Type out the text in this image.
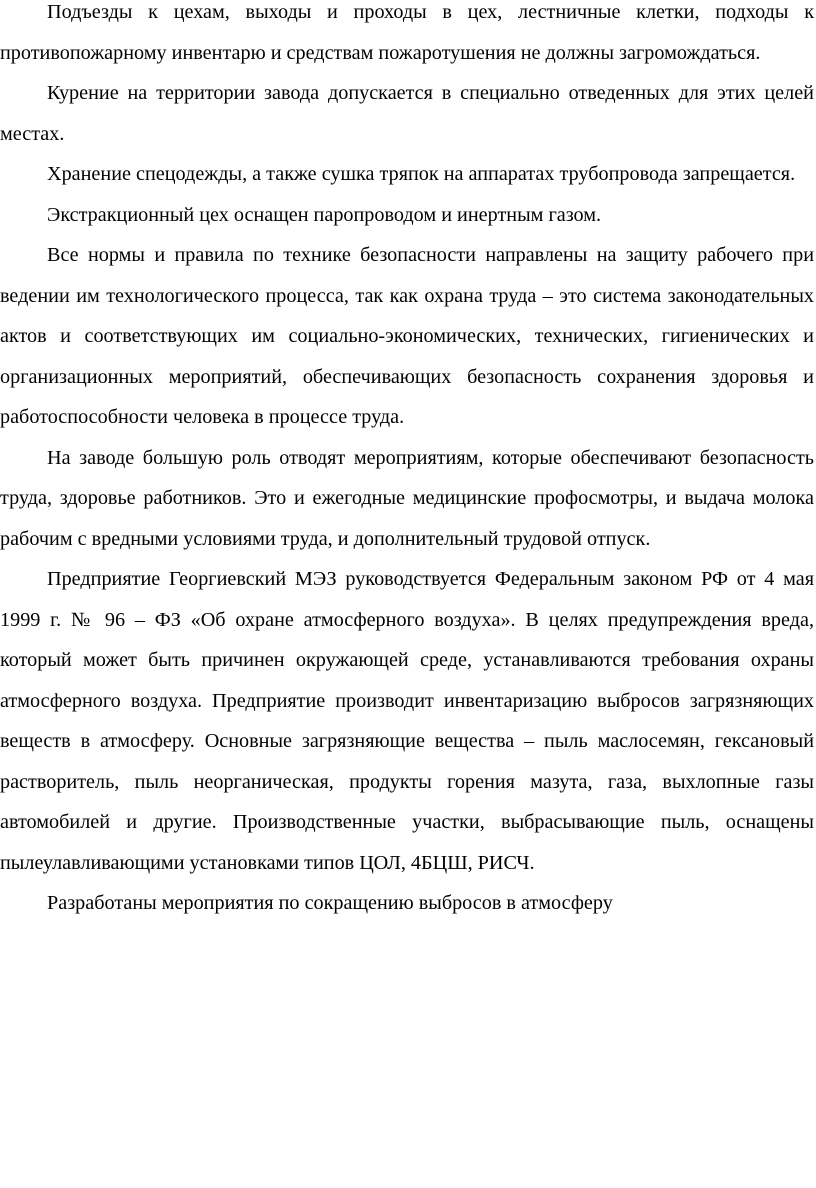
Подъезды к цехам, выходы и проходы в цех, лестничные клетки, подходы к противопожарному инвентарю и средствам пожаротушения не должны загромождаться.

Курение на территории завода допускается в специально отведенных для этих целей местах.

Хранение спецодежды, а также сушка тряпок на аппаратах трубопровода запрещается.

Экстракционный цех оснащен паропроводом и инертным газом.

Все нормы и правила по технике безопасности направлены на защиту рабочего при ведении им технологического процесса, так как охрана труда – это система законодательных актов и соответствующих им социально-экономических, технических, гигиенических и организационных мероприятий, обеспечивающих безопасность сохранения здоровья и работоспособности человека в процессе труда.

На заводе большую роль отводят мероприятиям, которые обеспечивают безопасность труда, здоровье работников. Это и ежегодные медицинские профосмотры, и выдача молока рабочим с вредными условиями труда, и дополнительный трудовой отпуск.

Предприятие Георгиевский МЭЗ руководствуется Федеральным законом РФ от 4 мая 1999 г. № 96 – ФЗ «Об охране атмосферного воздуха». В целях предупреждения вреда, который может быть причинен окружающей среде, устанавливаются требования охраны атмосферного воздуха. Предприятие производит инвентаризацию выбросов загрязняющих веществ в атмосферу. Основные загрязняющие вещества – пыль маслосемян, гексановый растворитель, пыль неорганическая, продукты горения мазута, газа, выхлопные газы автомобилей и другие. Производственные участки, выбрасывающие пыль, оснащены пылеулавливающими установками типов ЦОЛ, 4БЦШ, РИСЧ.

Разработаны мероприятия по сокращению выбросов в атмосферу
